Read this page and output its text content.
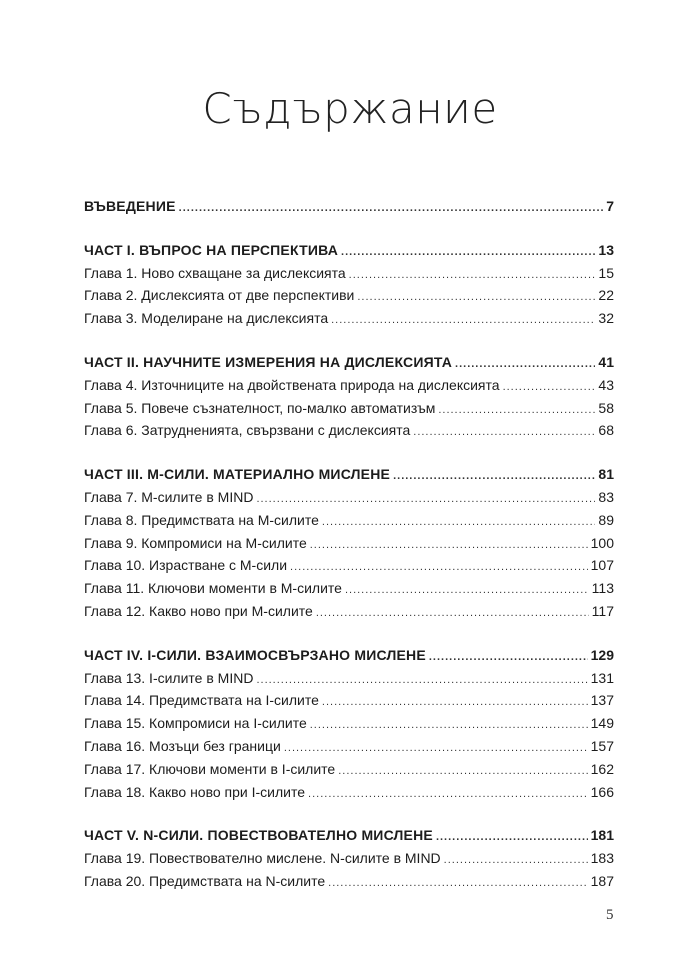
Съдържание
ВЪВЕДЕНИЕ .....	7
ЧАСТ I. ВЪПРОС НА ПЕРСПЕКТИВА .....	13
Глава 1. Ново схващане за дислексията .....	15
Глава 2. Дислексията от две перспективи .....	22
Глава 3. Моделиране на дислексията .....	32
ЧАСТ II. НАУЧНИТЕ ИЗМЕРЕНИЯ НА ДИСЛЕКСИЯТА .....	41
Глава 4. Източниците на двойствената природа на дислексията .....	43
Глава 5. Повече съзнателност, по-малко автоматизъм .....	58
Глава 6. Затрудненията, свързвани с дислексията .....	68
ЧАСТ III. М-СИЛИ. МАТЕРИАЛНО МИСЛЕНЕ .....	81
Глава 7. М-силите в MIND .....	83
Глава 8. Предимствата на М-силите .....	89
Глава 9. Компромиси на М-силите .....	100
Глава 10. Израстване с М-сили .....	107
Глава 11. Ключови моменти в М-силите .....	113
Глава 12. Какво ново при М-силите .....	117
ЧАСТ IV. I-СИЛИ. ВЗАИМОСВЪРЗАНО МИСЛЕНЕ .....	129
Глава 13. I-силите в MIND .....	131
Глава 14. Предимствата на I-силите .....	137
Глава 15. Компромиси на I-силите .....	149
Глава 16. Мозъци без граници .....	157
Глава 17. Ключови моменти в I-силите .....	162
Глава 18. Какво ново при I-силите .....	166
ЧАСТ V. N-СИЛИ. ПОВЕСТВОВАТЕЛНО МИСЛЕНЕ .....	181
Глава 19. Повествователно мислене. N-силите в MIND .....	183
Глава 20. Предимствата на N-силите .....	187
5
